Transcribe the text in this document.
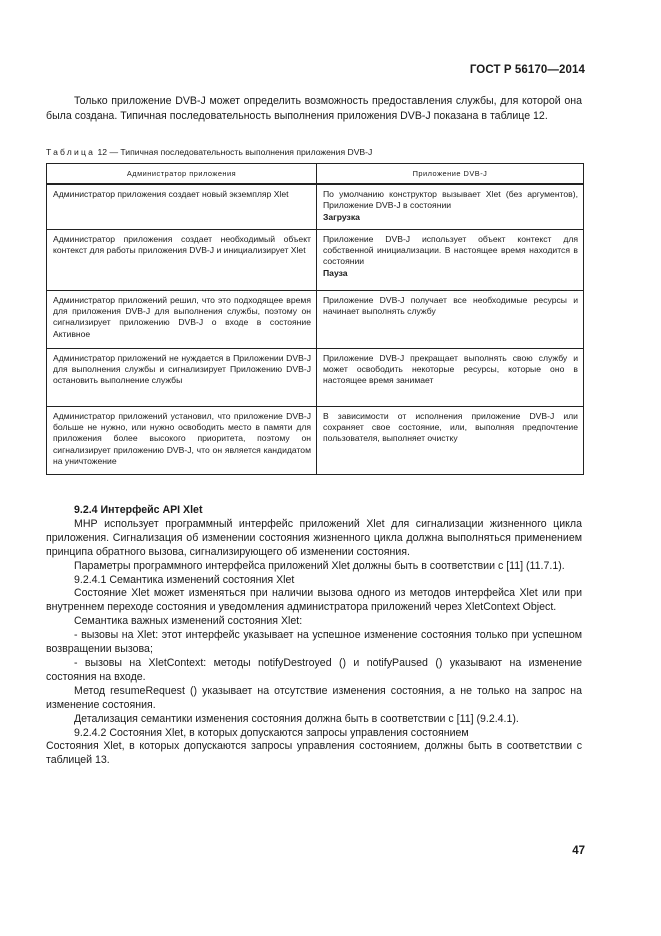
ГОСТ Р 56170—2014

Только приложение DVB-J может определить возможность предоставления службы, для которой она была создана. Типичная последовательность выполнения приложения DVB-J показана в таблице 12.

Таблица 12 — Типичная последовательность выполнения приложения DVB-J

Администратор приложения	Приложение DVB-J
Администратор приложения создает новый экземпляр Xlet	По умолчанию конструктор вызывает Xlet (без аргументов), Приложение DVB-J в состоянии
Загрузка

Администратор приложения создает необходимый объект контекст для работы приложения DVB-J и инициализирует Xlet	Приложение DVB-J использует объект контекст для собственной инициализации. В настоящее время находится в состоянии
Пауза

Администратор приложений решил, что это подходящее время для приложения DVB-J для выполнения службы, поэтому он сигнализирует приложению DVB-J о входе в состояние Активное	Приложение DVB-J получает все необходимые ресурсы и начинает выполнять службу
Администратор приложений не нуждается в Приложении DVB-J для выполнения службы и сигнализирует Приложению DVB-J остановить выполнение службы	Приложение DVB-J прекращает выполнять свою службу и может освободить некоторые ресурсы, которые оно в настоящее время занимает
Администратор приложений установил, что приложение DVB-J больше не нужно, или нужно освободить место в памяти для приложения более высокого приоритета, поэтому он сигнализирует приложению DVB-J, что он является кандидатом на уничтожение	В зависимости от исполнения приложение DVB-J или сохраняет свое состояние, или, выполняя предпочтение пользователя, выполняет очистку

9.2.4 Интерфейс API Xlet

МНР использует программный интерфейс приложений Xlet для сигнализации жизненного цикла приложения. Сигнализация об изменении состояния жизненного цикла должна выполняться применением принципа обратного вызова, сигнализирующего об изменении состояния.

Параметры программного интерфейса приложений Xlet должны быть в соответствии с [11] (11.7.1).

9.2.4.1 Семантика изменений состояния Xlet

Состояние Xlet может изменяться при наличии вызова одного из методов интерфейса Xlet или при внутреннем переходе состояния и уведомления администратора приложений через XletContext Object.

Семантика важных изменений состояния Xlet:

- вызовы на Xlet: этот интерфейс указывает на успешное изменение состояния только при успешном возвращении вызова;

- вызовы на XletContext: методы notifyDestroyed () и notifyPaused () указывают на изменение состояния на входе.

Метод resumeRequest () указывает на отсутствие изменения состояния, а не только на запрос на изменение состояния.

Детализация семантики изменения состояния должна быть в соответствии с [11] (9.2.4.1).

9.2.4.2 Состояния Xlet, в которых допускаются запросы управления состоянием

Состояния Xlet, в которых допускаются запросы управления состоянием, должны быть в соответствии с таблицей 13.

47
